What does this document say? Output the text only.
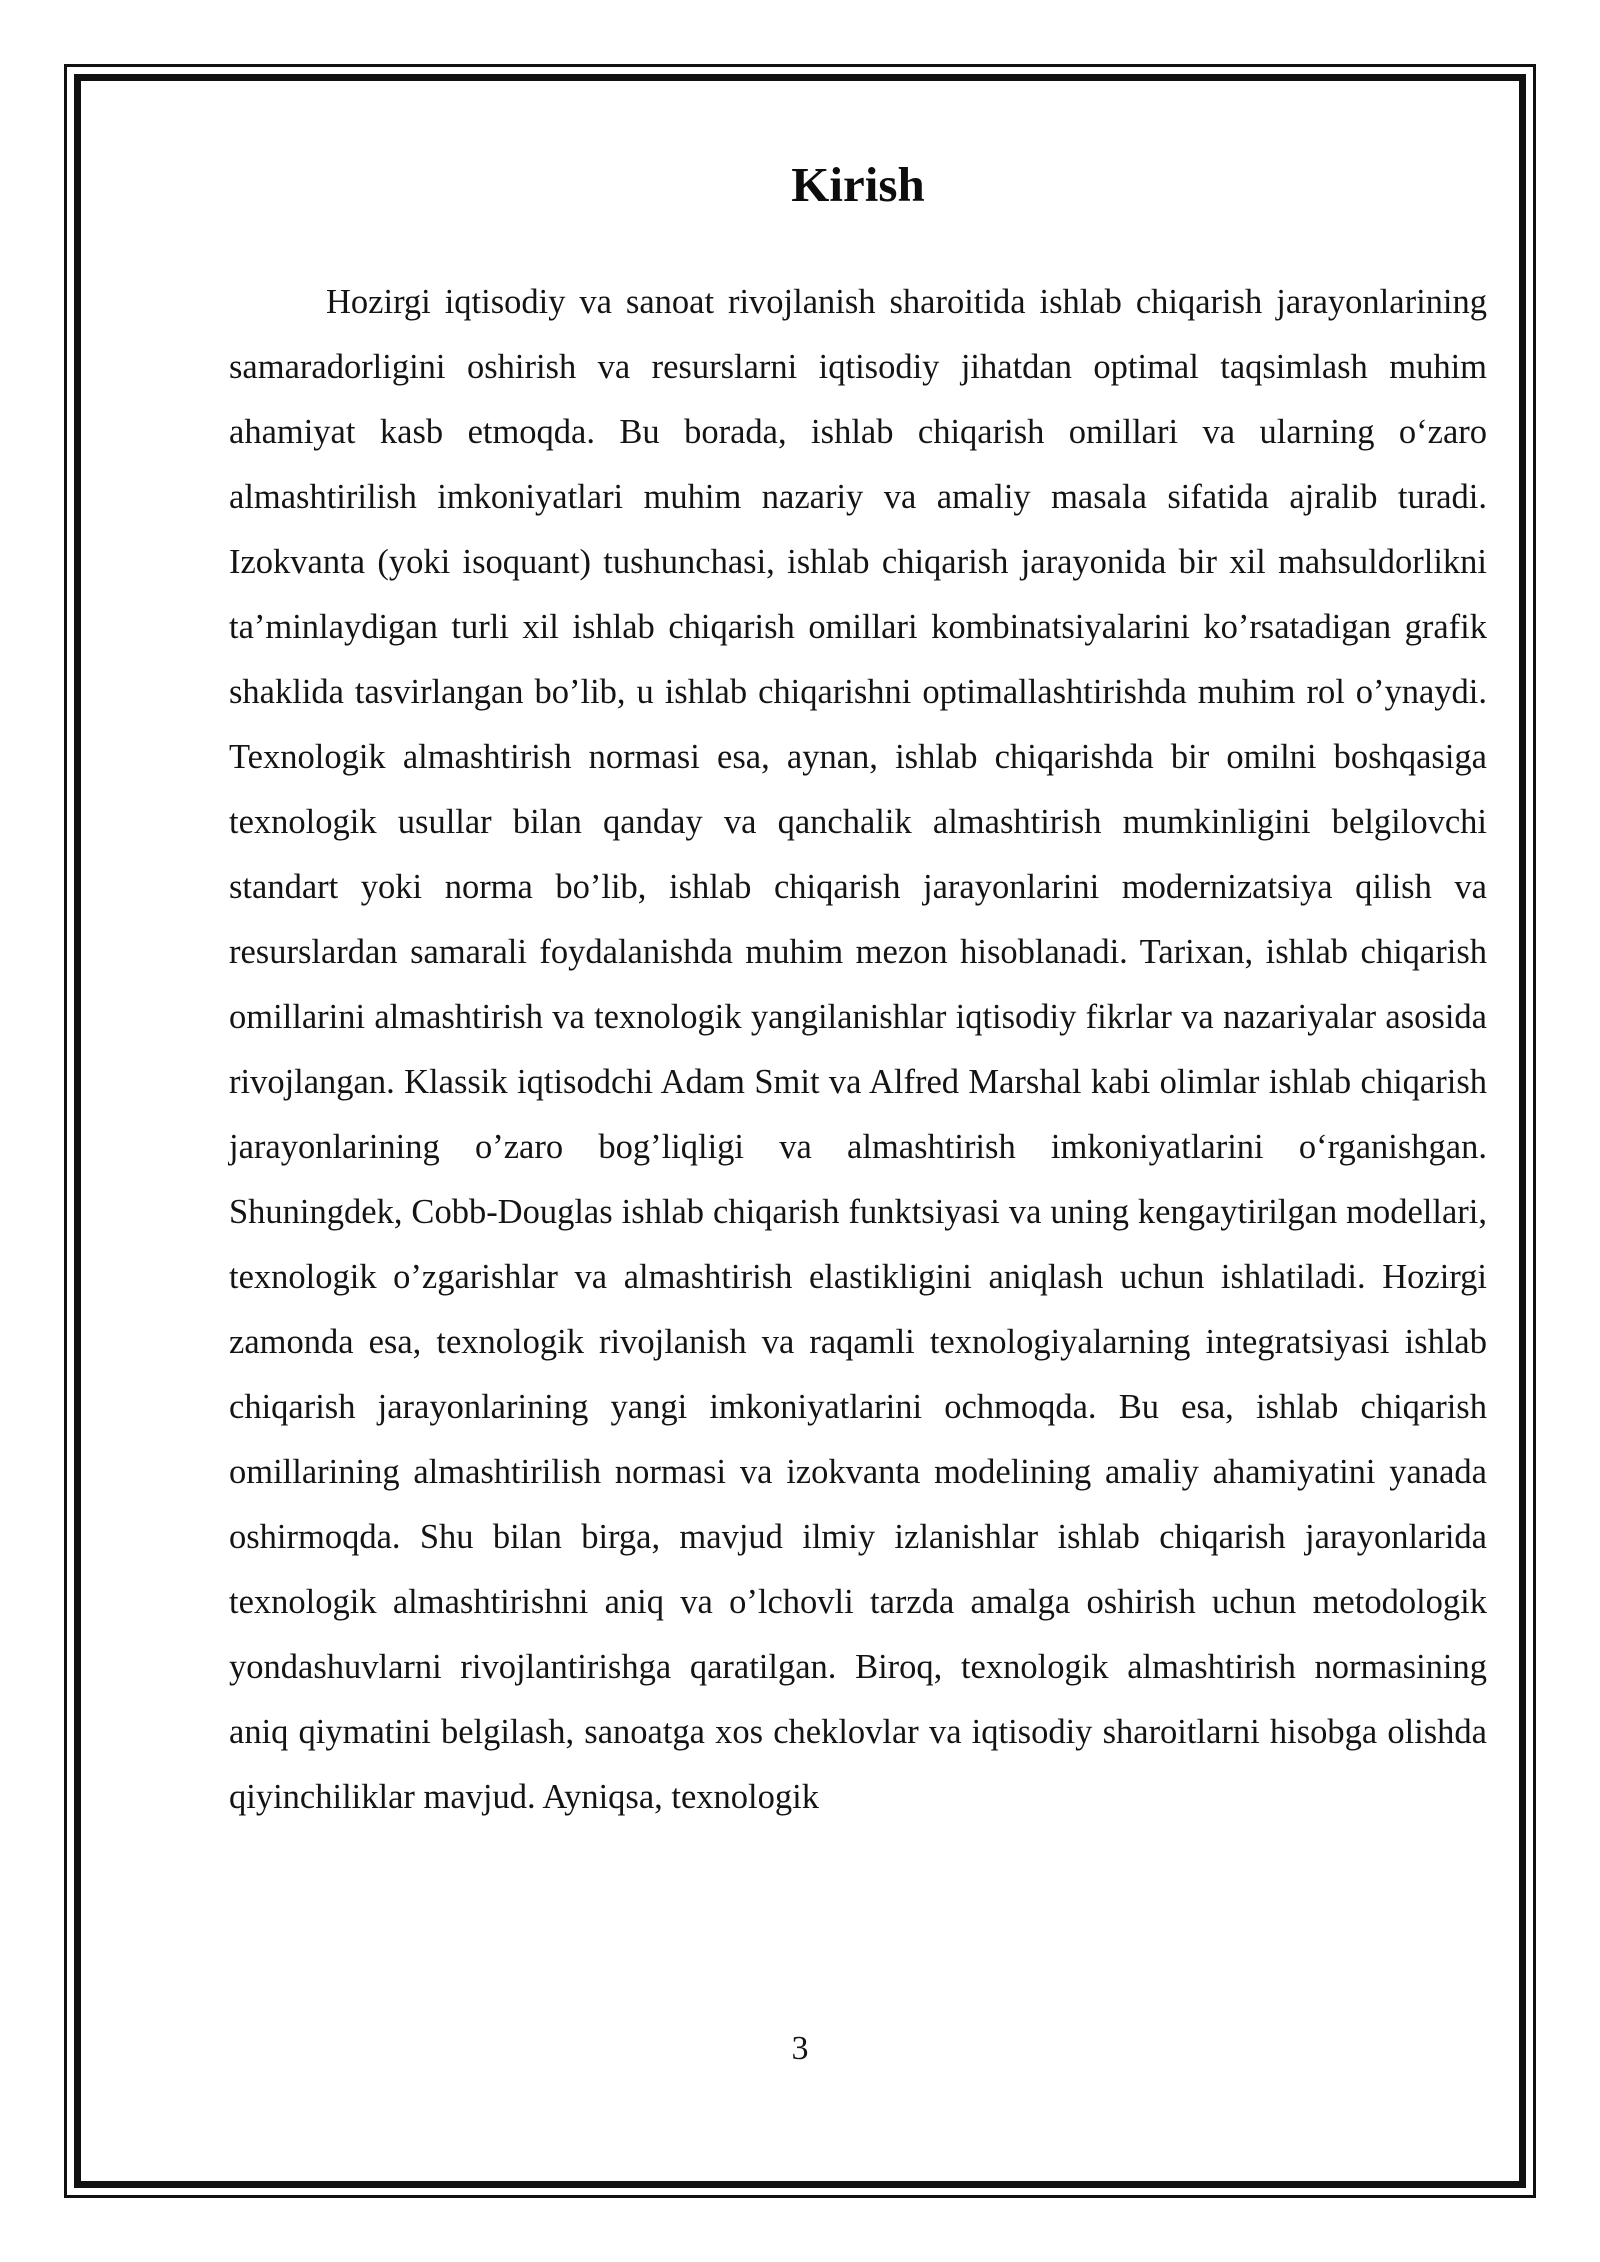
Kirish

Hozirgi iqtisodiy va sanoat rivojlanish sharoitida ishlab chiqarish jarayonlarining samaradorligini oshirish va resurslarni iqtisodiy jihatdan optimal taqsimlash muhim ahamiyat kasb etmoqda. Bu borada, ishlab chiqarish omillari va ularning o‘zaro almashtirilish imkoniyatlari muhim nazariy va amaliy masala sifatida ajralib turadi. Izokvanta (yoki isoquant) tushunchasi, ishlab chiqarish jarayonida bir xil mahsuldorlikni ta’minlaydigan turli xil ishlab chiqarish omillari kombinatsiyalarini ko’rsatadigan grafik shaklida tasvirlangan bo’lib, u ishlab chiqarishni optimallashtirishda muhim rol o’ynaydi. Texnologik almashtirish normasi esa, aynan, ishlab chiqarishda bir omilni boshqasiga texnologik usullar bilan qanday va qanchalik almashtirish mumkinligini belgilovchi standart yoki norma bo’lib, ishlab chiqarish jarayonlarini modernizatsiya qilish va resurslardan samarali foydalanishda muhim mezon hisoblanadi. Tarixan, ishlab chiqarish omillarini almashtirish va texnologik yangilanishlar iqtisodiy fikrlar va nazariyalar asosida rivojlangan. Klassik iqtisodchi Adam Smit va Alfred Marshal kabi olimlar ishlab chiqarish jarayonlarining o’zaro bog’liqligi va almashtirish imkoniyatlarini o‘rganishgan. Shuningdek, Cobb-Douglas ishlab chiqarish funktsiyasi va uning kengaytirilgan modellari, texnologik o’zgarishlar va almashtirish elastikligini aniqlash uchun ishlatiladi. Hozirgi zamonda esa, texnologik rivojlanish va raqamli texnologiyalarning integratsiyasi ishlab chiqarish jarayonlarining yangi imkoniyatlarini ochmoqda. Bu esa, ishlab chiqarish omillarining almashtirilish normasi va izokvanta modelining amaliy ahamiyatini yanada oshirmoqda. Shu bilan birga, mavjud ilmiy izlanishlar ishlab chiqarish jarayonlarida texnologik almashtirishni aniq va o’lchovli tarzda amalga oshirish uchun metodologik yondashuvlarni rivojlantirishga qaratilgan. Biroq, texnologik almashtirish normasining aniq qiymatini belgilash, sanoatga xos cheklovlar va iqtisodiy sharoitlarni hisobga olishda qiyinchiliklar mavjud. Ayniqsa, texnologik

3
